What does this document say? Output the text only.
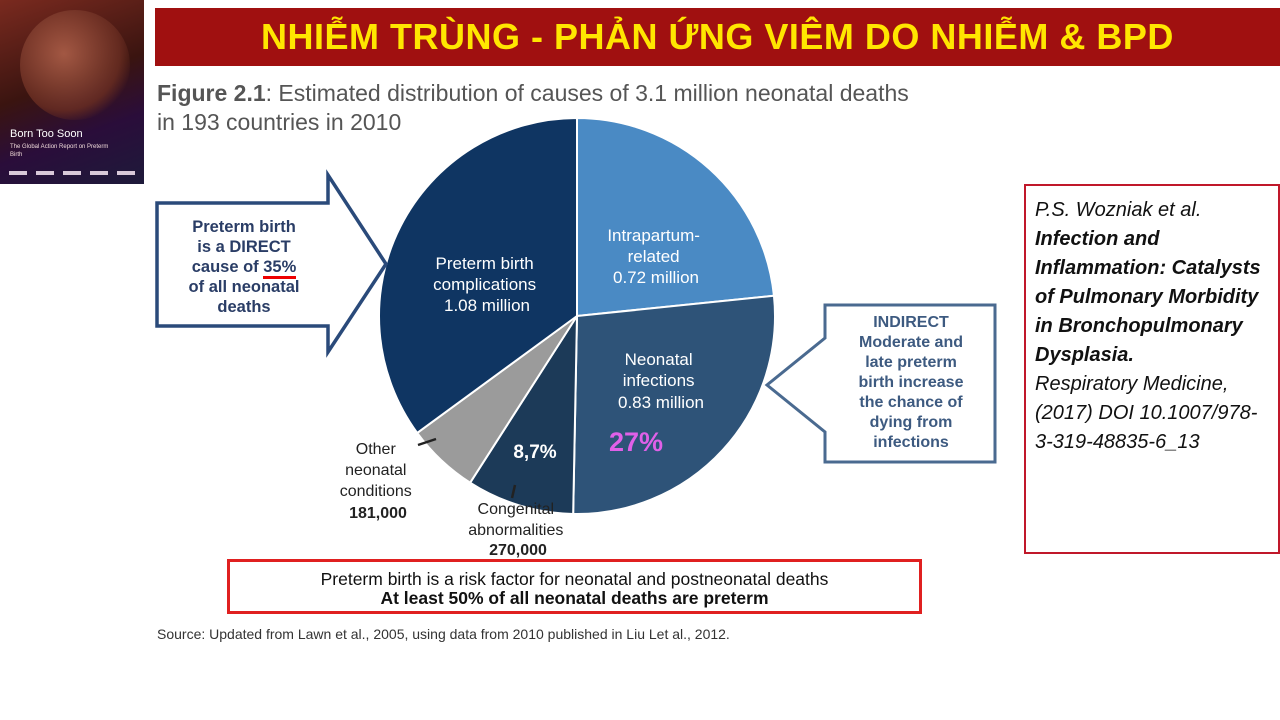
NHIỄM TRÙNG - PHẢN ỨNG VIÊM DO NHIỄM & BPD
Born Too Soon
The Global Action Report on Preterm Birth
Figure 2.1: Estimated distribution of causes of 3.1 million neonatal deaths in 193 countries in 2010
Preterm birth complications 1.08 million
Intrapartum- related 0.72 million
Neonatal infections 0.83 million
Other neonatal conditions 181,000	Congenital abnormalities 270,000
8,7% 27%
Preterm birth
is a DIRECT
cause of 35%
of all neonatal
deaths
INDIRECT
Moderate and
late preterm
birth increase
the chance of
dying from
infections
Preterm birth is a risk factor for neonatal and postneonatal deaths
At least 50% of all neonatal deaths are preterm
Source: Updated from Lawn et al., 2005, using data from 2010 published in Liu Let al., 2012.
P.S. Wozniak et al.
Infection and Inflammation: Catalysts of Pulmonary Morbidity in Bronchopulmonary Dysplasia.
Respiratory Medicine, (2017) DOI 10.1007/978-3-319-48835-6_13
